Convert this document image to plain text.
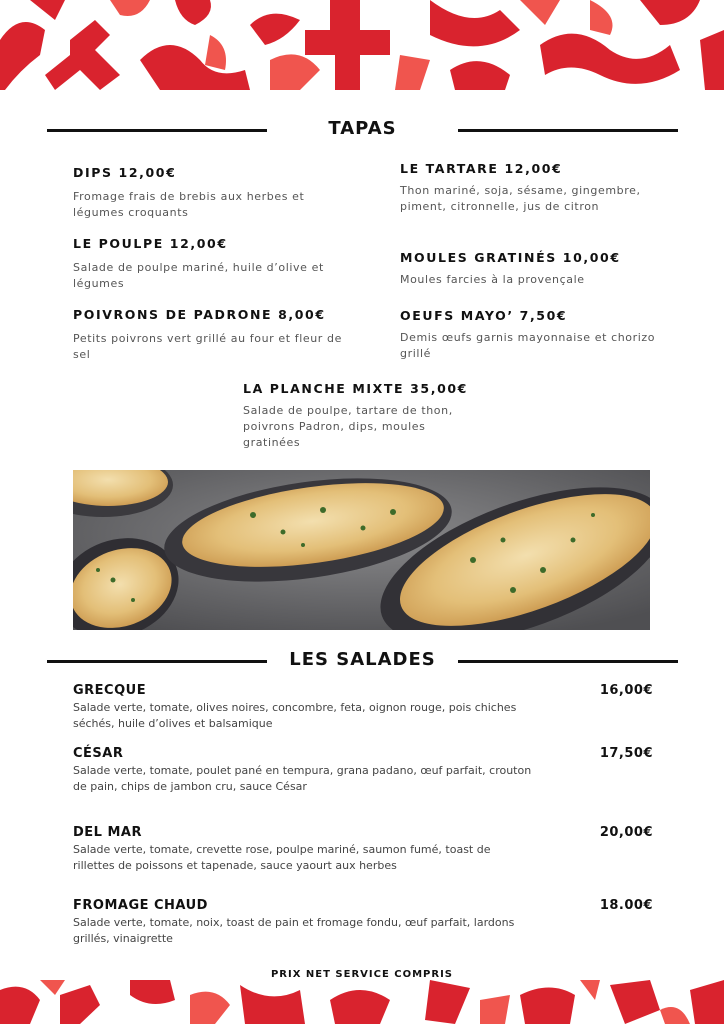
TAPAS
DIPS 12,00€
Fromage frais de brebis aux herbes et légumes croquants
LE POULPE 12,00€
Salade de poulpe mariné, huile d’olive et légumes
POIVRONS DE PADRONE 8,00€
Petits poivrons vert grillé au four et fleur de sel
LE TARTARE 12,00€
Thon mariné, soja, sésame, gingembre, piment, citronnelle, jus de citron
MOULES GRATINÉS 10,00€
Moules farcies à la provençale
OEUFS MAYO’ 7,50€
Demis œufs garnis mayonnaise et chorizo grillé
LA PLANCHE MIXTE 35,00€
Salade de poulpe, tartare de thon, poivrons Padron, dips, moules gratinées
LES SALADES
GRECQUE	16,00€
Salade verte, tomate, olives noires, concombre, feta, oignon rouge, pois chiches séchés, huile d’olives et balsamique
CÉSAR	17,50€
Salade verte, tomate, poulet pané en tempura, grana padano, œuf parfait, crouton de pain, chips de jambon cru, sauce César
DEL MAR	20,00€
Salade verte, tomate, crevette rose, poulpe mariné, saumon fumé, toast de rillettes de poissons et tapenade, sauce yaourt aux herbes
FROMAGE CHAUD	18.00€
Salade verte, tomate, noix, toast de pain et fromage fondu, œuf parfait, lardons grillés, vinaigrette
PRIX NET SERVICE COMPRIS
